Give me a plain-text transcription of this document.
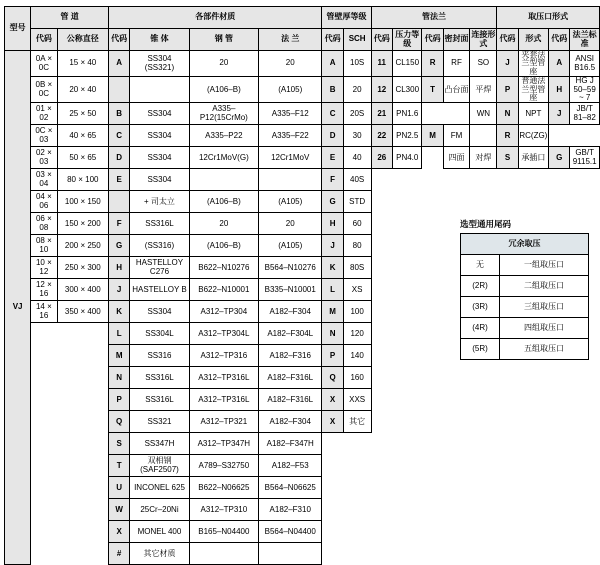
型号	管 道		各部件材质				管壁厚等级		管法兰					取压口形式			
	代码	公称直径	代码	锥 体	钢 管	法 兰	代码	SCH	代码	压力等级	代码	密封面	连接形式	代码	形式	代码	法兰标准
VJ	0A × 0C	15 × 40	A	SS304
(SS321)	20	20	A	10S	11	CL150	R	RF	SO	J	夹套法兰型管座	A	ANSI B16.5
	0B × 0C	20 × 40			(A106–B)	(A105)	B	20	12	CL300	T	凸台面	平焊	P	普通法兰型管座	H	HG J 50–59 ~ 7
	01 × 02	25 × 50	B	SS304	A335–P12(15CrMo)	A335–F12	C	20S	21	PN1.6			WN	N	NPT	J	JB/T 81–82
	0C × 03	40 × 65	C	SS304	A335–P22	A335–F22	D	30	22	PN2.5	M	FM		R	RC(ZG)		
	02 × 03	50 × 65	D	SS304	12Cr1MoV(G)	12Cr1MoV	E	40	26	PN4.0		四面	对焊	S	承插口	G	GB/T 9115.1
	03 × 04	80 × 100	E	SS304			F	40S									
	04 × 06	100 × 150		+ 司太立	(A106–B)	(A105)	G	STD									
	06 × 08	150 × 200	F	SS316L	20	20	H	60									
	08 × 10	200 × 250	G	(SS316)	(A106–B)	(A105)	J	80									
	10 × 12	250 × 300	H	HASTELLOY C276	B622–N10276	B564–N10276	K	80S									
	12 × 16	300 × 400	J	HASTELLOY B	B622–N10001	B335–N10001	L	XS									
	14 × 16	350 × 400	K	SS304	A312–TP304	A182–F304	M	100									
			L	SS304L	A312–TP304L	A182–F304L	N	120									
			M	SS316	A312–TP316	A182–F316	P	140									
			N	SS316L	A312–TP316L	A182–F316L	Q	160									
			P	SS316L	A312–TP316L	A182–F316L	X	XXS									
			Q	SS321	A312–TP321	A182–F304	X	其它									
			S	SS347H	A312–TP347H	A182–F347H											
			T	双相钢
(SAF2507)	A789–S32750	A182–F53											
			U	INCONEL 625	B622–N06625	B564–N06625											
			W	25Cr–20Ni	A312–TP310	A182–F310											
			X	MONEL 400	B165–N04400	B564–N04400											
			#	其它材质													
选型通用尾码
冗余取压	
无	一组取压口
(2R)	二组取压口
(3R)	三组取压口
(4R)	四组取压口
(5R)	五组取压口
